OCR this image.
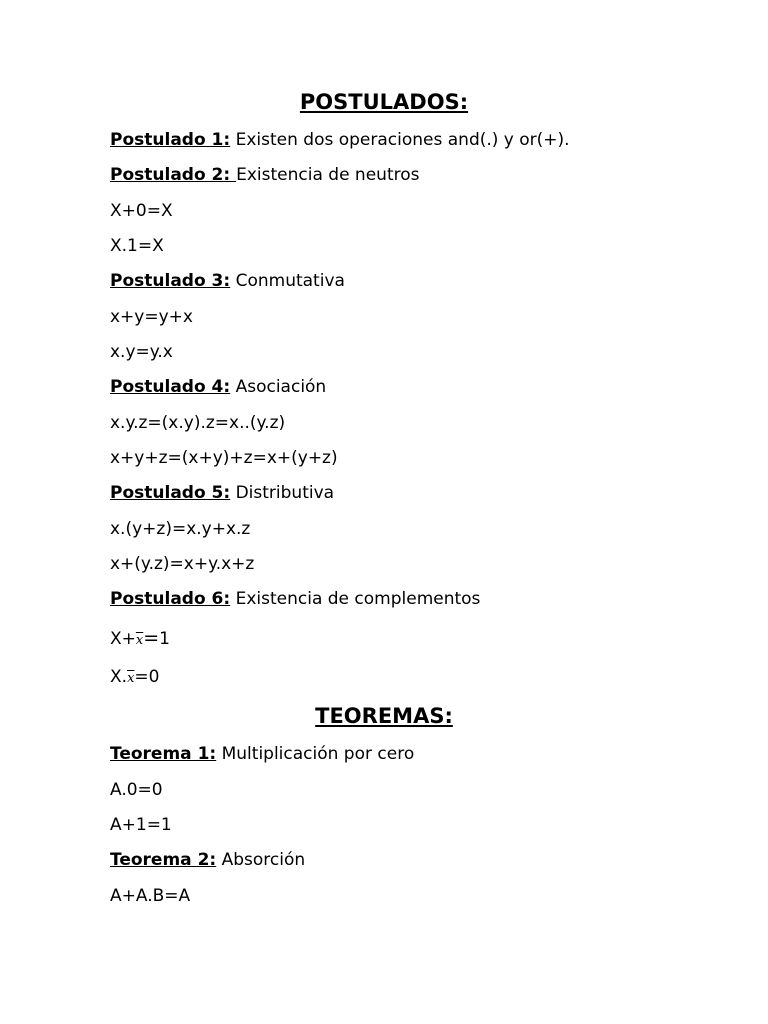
POSTULADOS:
Postulado 1: Existen dos operaciones and(.) y or(+).
Postulado 2: Existencia de neutros
X+0=X
X.1=X
Postulado 3: Conmutativa
x+y=y+x
x.y=y.x
Postulado 4: Asociación
x.y.z=(x.y).z=x..(y.z)
x+y+z=(x+y)+z=x+(y+z)
Postulado 5: Distributiva
x.(y+z)=x.y+x.z
x+(y.z)=x+y.x+z
Postulado 6: Existencia de complementos
$X+\overline{x}=1$
$X.\overline{x}=0$
TEOREMAS:
Teorema 1: Multiplicación por cero
A.0=0
A+1=1
Teorema 2: Absorción
A+A.B=A
